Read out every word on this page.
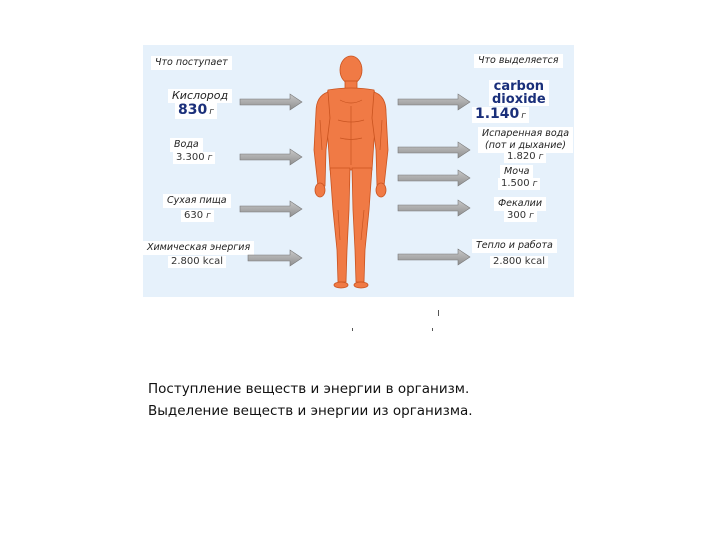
Что поступает
Кислород
830 г
Вода
3.300 г
Сухая пища
630 г
Химическая энергия
2.800 kcal
Что выделяется
carbon
dioxide
1.140 г
Испаренная вода
(пот и дыхание)
1.820 г
Моча
1.500 г
Фекалии
300 г
Тепло и работа
2.800 kcal
Поступление веществ и энергии в организм.
Выделение веществ и энергии из организма.
